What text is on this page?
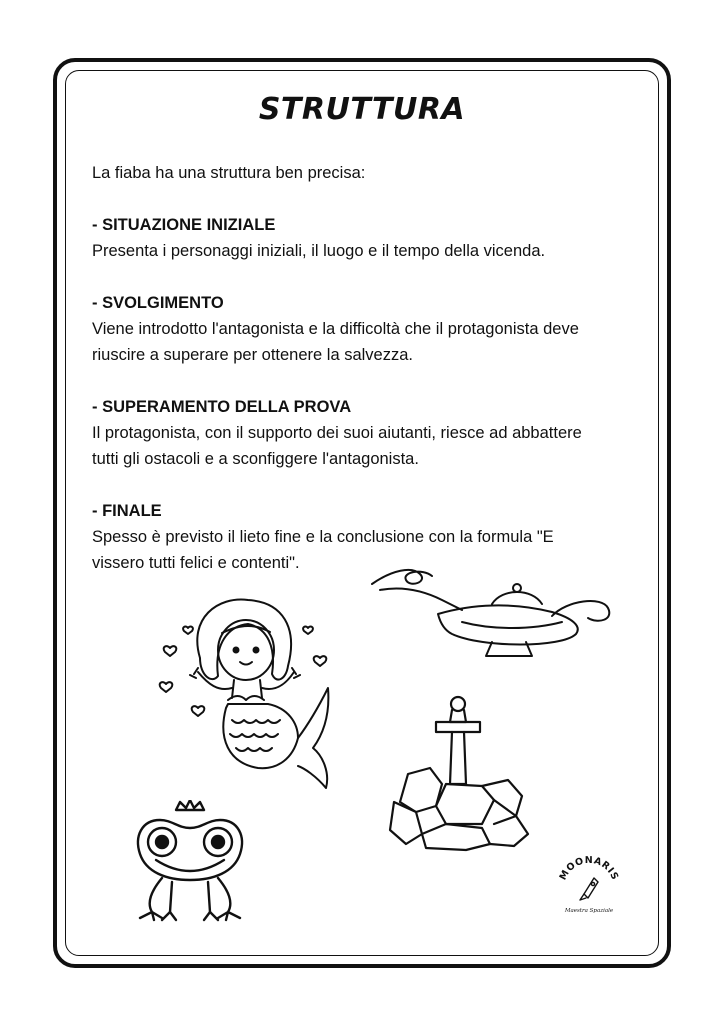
STRUTTURA

La fiaba ha una struttura ben precisa:

- SITUAZIONE INIZIALE

Presenta i personaggi iniziali, il luogo e il tempo della vicenda.

- SVOLGIMENTO

Viene introdotto l'antagonista e la difficoltà che il protagonista deve

riuscire a superare per ottenere la salvezza.

- SUPERAMENTO DELLA PROVA

Il protagonista, con il supporto dei suoi aiutanti, riesce ad abbattere

tutti gli ostacoli e a sconfiggere l'antagonista.

- FINALE

Spesso è previsto il lieto fine e la conclusione con la formula "E

vissero tutti felici e contenti".

MOONARIS
Maestra Spaziale
